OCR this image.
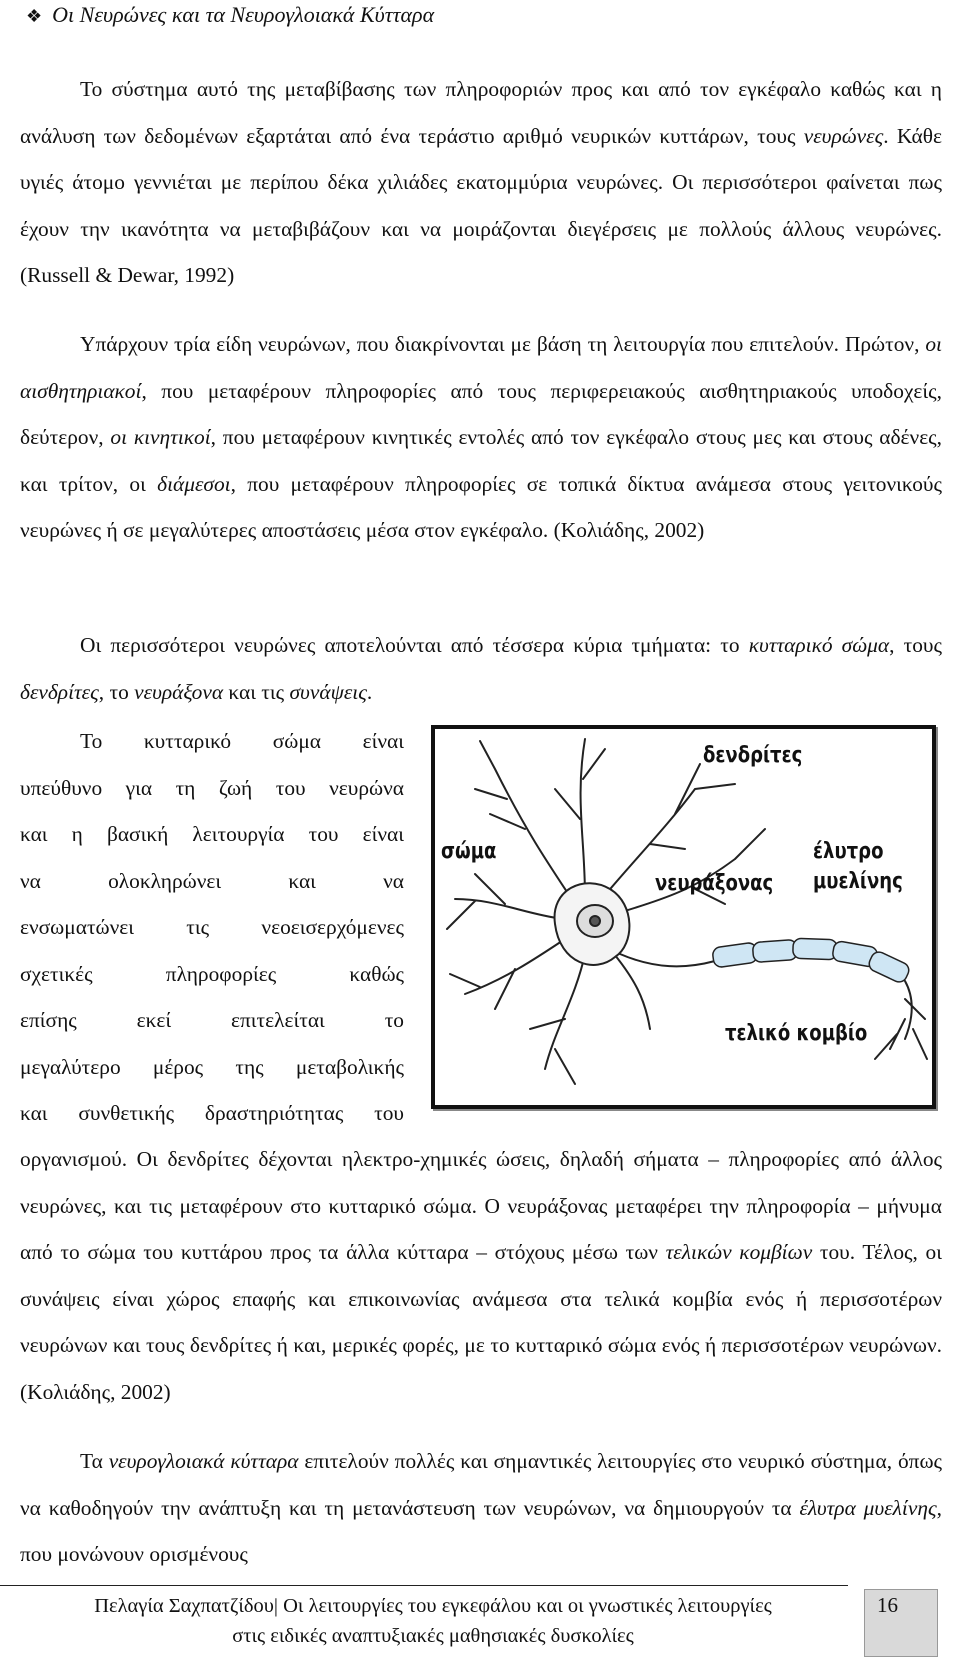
❖ Οι Νευρώνες και τα Νευρογλοιακά Κύτταρα

Το σύστημα αυτό της μεταβίβασης των πληροφοριών προς και από τον εγκέφαλο καθώς και η ανάλυση των δεδομένων εξαρτάται από ένα τεράστιο αριθμό νευρικών κυττάρων, τους νευρώνες. Κάθε υγιές άτομο γεννιέται με περίπου δέκα χιλιάδες εκατομμύρια νευρώνες. Οι περισσότεροι φαίνεται πως έχουν την ικανότητα να μεταβιβάζουν και να μοιράζονται διεγέρσεις με πολλούς άλλους νευρώνες. (Russell & Dewar, 1992)

Υπάρχουν τρία είδη νευρώνων, που διακρίνονται με βάση τη λειτουργία που επιτελούν. Πρώτον, οι αισθητηριακοί, που μεταφέρουν πληροφορίες από τους περιφερειακούς αισθητηριακούς υποδοχείς, δεύτερον, οι κινητικοί, που μεταφέρουν κινητικές εντολές από τον εγκέφαλο στους μες και στους αδένες, και τρίτον, οι διάμεσοι, που μεταφέρουν πληροφορίες σε τοπικά δίκτυα ανάμεσα στους γειτονικούς νευρώνες ή σε μεγαλύτερες αποστάσεις μέσα στον εγκέφαλο. (Κολιάδης, 2002)

Οι περισσότεροι νευρώνες αποτελούνται από τέσσερα κύρια τμήματα: το κυτταρικό σώμα, τους δενδρίτες, το νευράξονα και τις συνάψεις.

Το κυτταρικό σώμα είναι
υπεύθυνο για τη ζωή του νευρώνα
και η βασική λειτουργία του είναι
να ολοκληρώνει και να
ενσωματώνει τις νεοεισερχόμενες
σχετικές πληροφορίες καθώς
επίσης εκεί επιτελείται το
μεγαλύτερο μέρος της μεταβολικής
και συνθετικής δραστηριότητας του
δενδρίτες
σώμα
νευράξονας
έλυτρο
μυελίνης
τελικό κομβίο

οργανισμού. Οι δενδρίτες δέχονται ηλεκτρο-χημικές ώσεις, δηλαδή σήματα – πληροφορίες από άλλος νευρώνες, και τις μεταφέρουν στο κυτταρικό σώμα. Ο νευράξονας μεταφέρει την πληροφορία – μήνυμα από το σώμα του κυττάρου προς τα άλλα κύτταρα – στόχους μέσω των τελικών κομβίων του. Τέλος, οι συνάψεις είναι χώρος επαφής και επικοινωνίας ανάμεσα στα τελικά κομβία ενός ή περισσοτέρων νευρώνων και τους δενδρίτες ή και, μερικές φορές, με το κυτταρικό σώμα ενός ή περισσοτέρων νευρώνων. (Κολιάδης, 2002)

Τα νευρογλοιακά κύτταρα επιτελούν πολλές και σημαντικές λειτουργίες στο νευρικό σύστημα, όπως να καθοδηγούν την ανάπτυξη και τη μετανάστευση των νευρώνων, να δημιουργούν τα έλυτρα μυελίνης, που μονώνουν ορισμένους

Πελαγία Σαχπατζίδου| Οι λειτουργίες του εγκεφάλου και οι γνωστικές λειτουργίες
στις ειδικές αναπτυξιακές μαθησιακές δυσκολίες
16
